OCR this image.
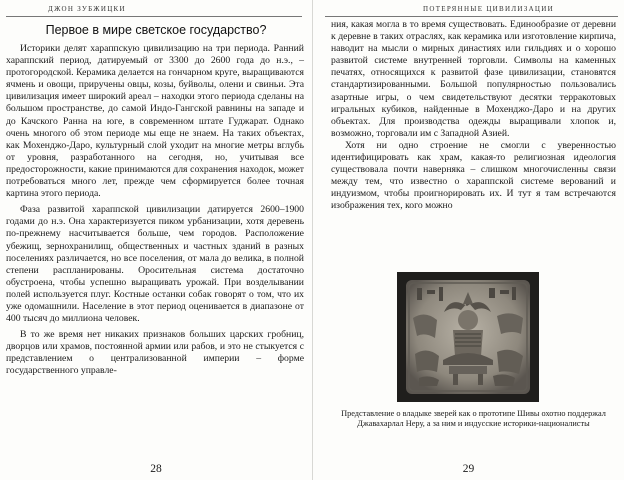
ДЖОН ЗУБЖИЦКИ
Первое в мире светское государство?

Историки делят хараппскую цивилизацию на три периода. Ранний хараппский период, датируемый от 3300 до 2600 года до н.э., – протогородской. Керамика делается на гончарном круге, выращиваются ячмень и овощи, приручены овцы, козы, буйволы, олени и свиньи. Эта цивилизация имеет широкий ареал – находки этого периода сделаны на большом пространстве, до самой Индо-Гангской равнины на западе и до Качского Ранна на юге, в современном штате Гуджарат. Однако очень многого об этом периоде мы еще не знаем. На таких объектах, как Мохенджо-Даро, культурный слой уходит на многие метры вглубь от уровня, разработанного на сегодня, но, учитывая все предосторожности, какие принимаются для сохранения находок, может потребоваться много лет, прежде чем сформируется более точная картина этого периода.

Фаза развитой хараппской цивилизации датируется 2600–1900 годами до н.э. Она характеризуется пиком урбанизации, хотя деревень по-прежнему насчитывается больше, чем городов. Расположение убежищ, зернохранилищ, общественных и частных зданий в разных поселениях различается, но все поселения, от мала до велика, в полной степени распланированы. Оросительная система достаточно обустроена, чтобы успешно выращивать урожай. При возделывании полей используется плуг. Костные останки собак говорят о том, что их уже одомашнили. Население в этот период оценивается в диапазоне от 400 тысяч до миллиона человек.

В то же время нет никаких признаков больших царских гробниц, дворцов или храмов, постоянной армии или рабов, и это не стыкуется с представлением о централизованной империи – форме государственного управле-

28
ПОТЕРЯННЫЕ ЦИВИЛИЗАЦИИ

ния, какая могла в то время существовать. Единообразие от деревни к деревне в таких отраслях, как керамика или изготовление кирпича, наводит на мысли о мирных династиях или гильдиях и о хорошо развитой системе внутренней торговли. Символы на каменных печатях, относящихся к развитой фазе цивилизации, становятся стандартизированными. Большой популярностью пользовались азартные игры, о чем свидетельствуют десятки терракотовых игральных кубиков, найденные в Мохенджо-Даро и на других объектах. Для производства одежды выращивали хлопок и, возможно, торговали им с Западной Азией.

Хотя ни одно строение не смогли с уверенностью идентифицировать как храм, какая-то религиозная идеология существовала почти наверняка – слишком многочисленны связи между тем, что известно о хараппской системе верований и индуизмом, чтобы проигнорировать их. И тут я там встречаются изображения тех, кого можно

Представление о владыке зверей как о прототипе Шивы охотно поддержал Джавахарлал Неру, а за ним и индусские историки-националисты
29
